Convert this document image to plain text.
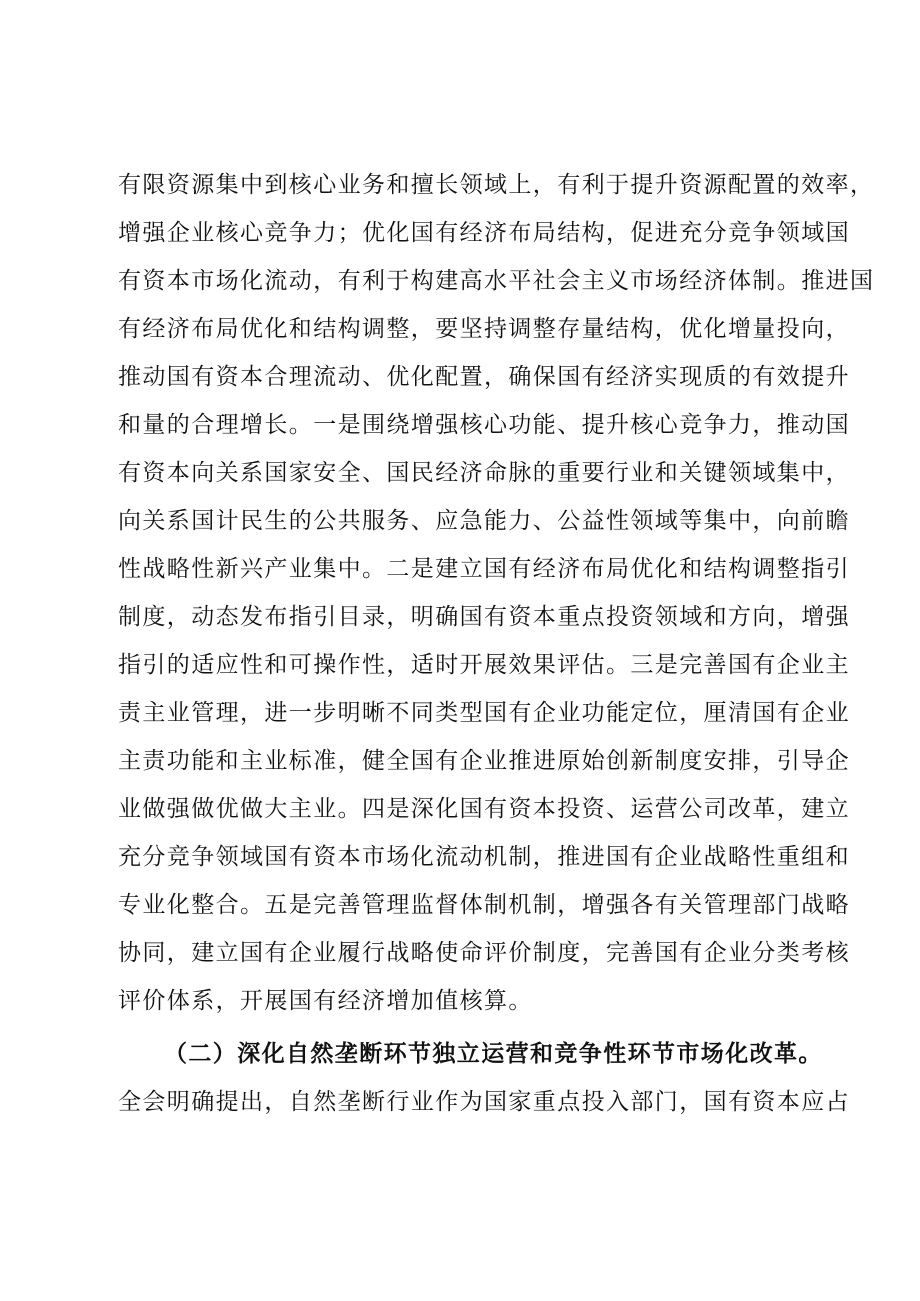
有限资源集中到核心业务和擅长领域上，有利于提升资源配置的效率，
增强企业核心竞争力；优化国有经济布局结构，促进充分竞争领域国
有资本市场化流动，有利于构建高水平社会主义市场经济体制。推进国
有经济布局优化和结构调整，要坚持调整存量结构，优化增量投向，
推动国有资本合理流动、优化配置，确保国有经济实现质的有效提升
和量的合理增长。一是围绕增强核心功能、提升核心竞争力，推动国
有资本向关系国家安全、国民经济命脉的重要行业和关键领域集中，
向关系国计民生的公共服务、应急能力、公益性领域等集中，向前瞻
性战略性新兴产业集中。二是建立国有经济布局优化和结构调整指引
制度，动态发布指引目录，明确国有资本重点投资领域和方向，增强
指引的适应性和可操作性，适时开展效果评估。三是完善国有企业主
责主业管理，进一步明晰不同类型国有企业功能定位，厘清国有企业
主责功能和主业标准，健全国有企业推进原始创新制度安排，引导企
业做强做优做大主业。四是深化国有资本投资、运营公司改革，建立
充分竞争领域国有资本市场化流动机制，推进国有企业战略性重组和
专业化整合。五是完善管理监督体制机制，增强各有关管理部门战略
协同，建立国有企业履行战略使命评价制度，完善国有企业分类考核
评价体系，开展国有经济增加值核算。
（二）深化自然垄断环节独立运营和竞争性环节市场化改革。
全会明确提出，自然垄断行业作为国家重点投入部门，国有资本应占
